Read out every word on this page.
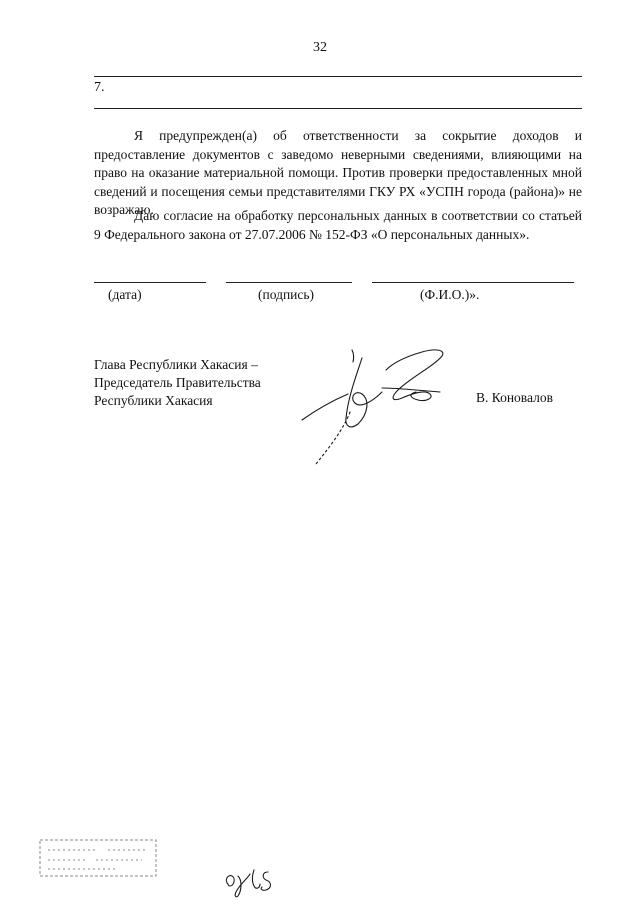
32
7.
Я предупрежден(а) об ответственности за сокрытие доходов и предоставление документов с заведомо неверными сведениями, влияющими на право на оказание материальной помощи. Против проверки предоставленных мной сведений и посещения семьи представителями ГКУ РХ «УСПН города (района)» не возражаю.
Даю согласие на обработку персональных данных в соответствии со статьей 9 Федерального закона от 27.07.2006 № 152-ФЗ «О персональных данных».
(дата)	(подпись)	(Ф.И.О.)».
Глава Республики Хакасия –
Председатель Правительства
Республики Хакасия	В. Коновалов
